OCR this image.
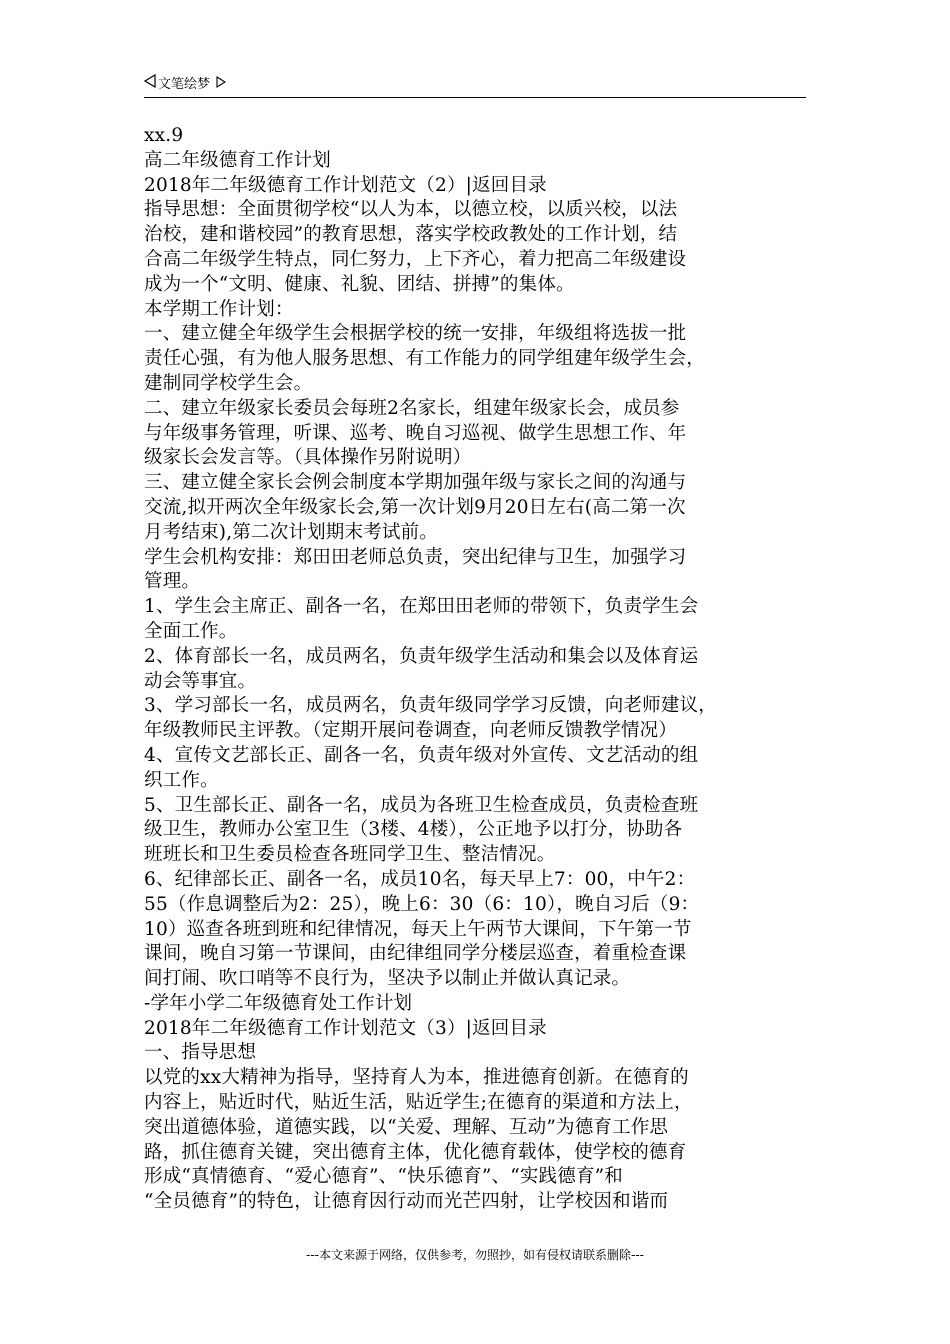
文笔绘梦
xx.9
高二年级德育工作计划
2018年二年级德育工作计划范文（2）|返回目录
指导思想：全面贯彻学校“以人为本，以德立校，以质兴校，以法
治校，建和谐校园”的教育思想，落实学校政教处的工作计划，结
合高二年级学生特点，同仁努力，上下齐心，着力把高二年级建设
成为一个“文明、健康、礼貌、团结、拼搏”的集体。
本学期工作计划：
一、建立健全年级学生会根据学校的统一安排，年级组将选拔一批
责任心强，有为他人服务思想、有工作能力的同学组建年级学生会，
建制同学校学生会。
二、建立年级家长委员会每班2名家长，组建年级家长会，成员参
与年级事务管理，听课、巡考、晚自习巡视、做学生思想工作、年
级家长会发言等。（具体操作另附说明）
三、建立健全家长会例会制度本学期加强年级与家长之间的沟通与
交流,拟开两次全年级家长会,第一次计划9月20日左右(高二第一次
月考结束),第二次计划期末考试前。
学生会机构安排：郑田田老师总负责，突出纪律与卫生，加强学习
管理。
1、学生会主席正、副各一名，在郑田田老师的带领下，负责学生会
全面工作。
2、体育部长一名，成员两名，负责年级学生活动和集会以及体育运
动会等事宜。
3、学习部长一名，成员两名，负责年级同学学习反馈，向老师建议，
年级教师民主评教。（定期开展问卷调查，向老师反馈教学情况）
4、宣传文艺部长正、副各一名，负责年级对外宣传、文艺活动的组
织工作。
5、卫生部长正、副各一名，成员为各班卫生检查成员，负责检查班
级卫生，教师办公室卫生（3楼、4楼），公正地予以打分，协助各
班班长和卫生委员检查各班同学卫生、整洁情况。
6、纪律部长正、副各一名，成员10名，每天早上7：00，中午2：
55（作息调整后为2：25），晚上6：30（6：10），晚自习后（9：
10）巡查各班到班和纪律情况，每天上午两节大课间，下午第一节
课间，晚自习第一节课间，由纪律组同学分楼层巡查，着重检查课
间打闹、吹口哨等不良行为，坚决予以制止并做认真记录。
-学年小学二年级德育处工作计划
2018年二年级德育工作计划范文（3）|返回目录
一、指导思想
以党的xx大精神为指导，坚持育人为本，推进德育创新。在德育的
内容上，贴近时代，贴近生活，贴近学生;在德育的渠道和方法上，
突出道德体验，道德实践，以“关爱、理解、互动”为德育工作思
路，抓住德育关键，突出德育主体，优化德育载体，使学校的德育
形成“真情德育、“爱心德育”、“快乐德育”、“实践德育”和
“全员德育”的特色，让德育因行动而光芒四射，让学校因和谐而
---本文来源于网络，仅供参考，勿照抄，如有侵权请联系删除---
